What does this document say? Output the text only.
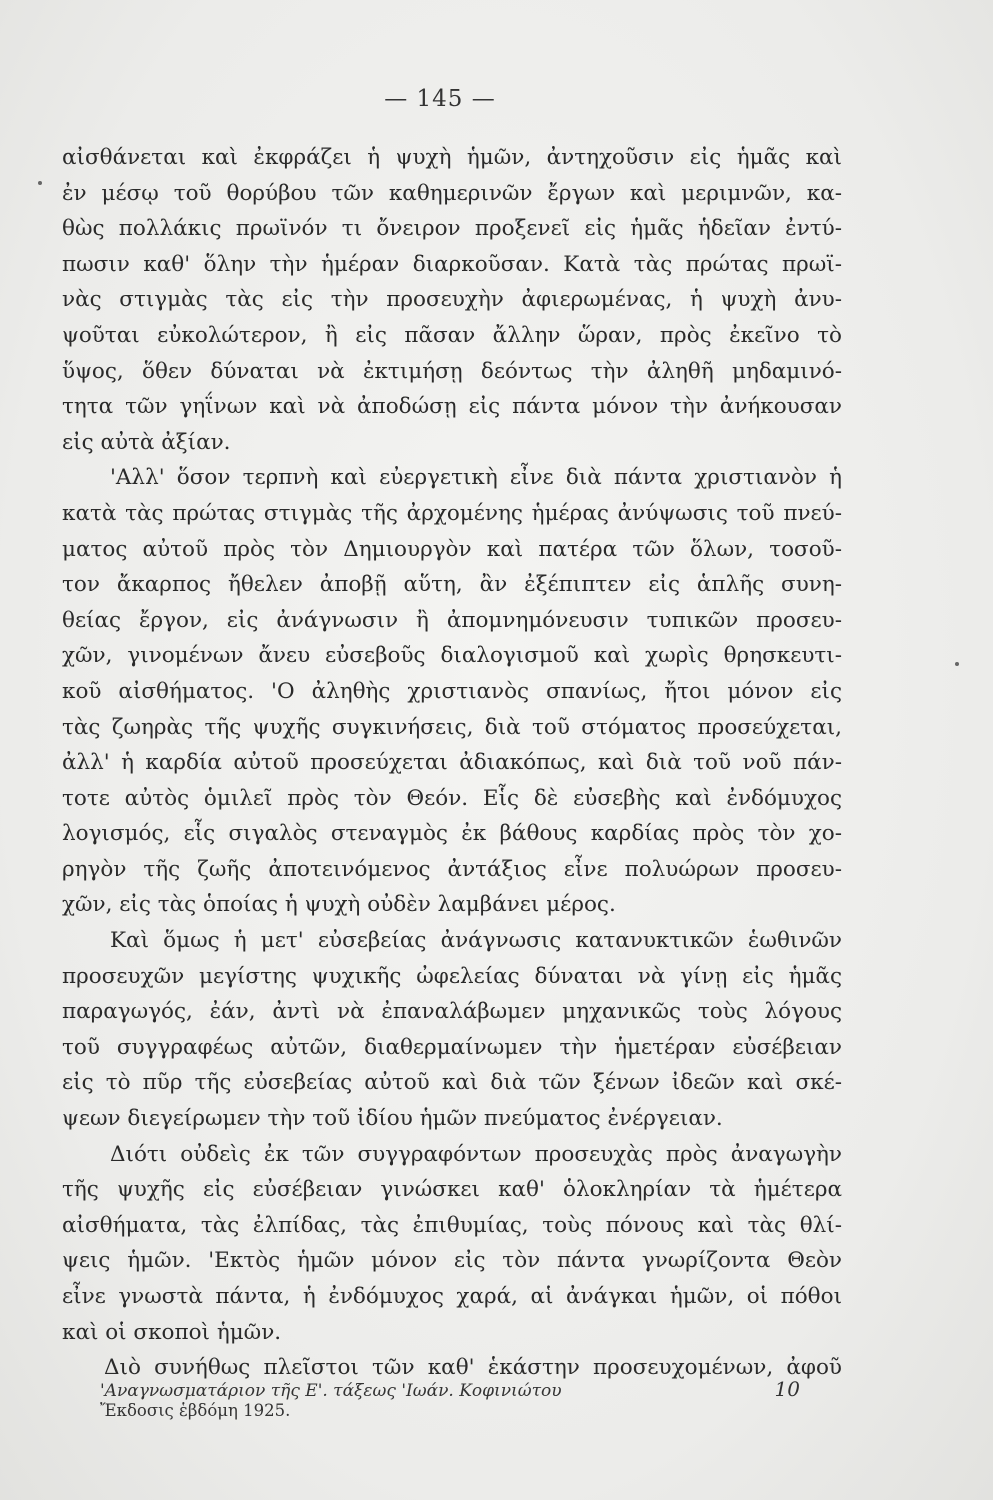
— 145 —
αἰσθάνεται καὶ ἐκφράζει ἡ ψυχὴ ἡμῶν, ἀντηχοῦσιν εἰς ἡμᾶς καὶ
ἐν μέσῳ τοῦ θορύβου τῶν καθημερινῶν ἔργων καὶ μεριμνῶν, κα-
θὼς πολλάκις πρωϊνόν τι ὄνειρον προξενεῖ εἰς ἡμᾶς ἡδεῖαν ἐντύ-
πωσιν καθ' ὅλην τὴν ἡμέραν διαρκοῦσαν. Κατὰ τὰς πρώτας πρωϊ-
νὰς στιγμὰς τὰς εἰς τὴν προσευχὴν ἀφιερωμένας, ἡ ψυχὴ ἀνυ-
ψοῦται εὐκολώτερον, ἢ εἰς πᾶσαν ἄλλην ὥραν, πρὸς ἐκεῖνο τὸ
ὕψος, ὅθεν δύναται νὰ ἐκτιμήσῃ δεόντως τὴν ἀληθῆ μηδαμινό-
τητα τῶν γηΐνων καὶ νὰ ἀποδώσῃ εἰς πάντα μόνον τὴν ἀνήκουσαν
εἰς αὐτὰ ἀξίαν.
'Αλλ' ὅσον τερπνὴ καὶ εὐεργετικὴ εἶνε διὰ πάντα χριστιανὸν ἡ
κατὰ τὰς πρώτας στιγμὰς τῆς ἀρχομένης ἡμέρας ἀνύψωσις τοῦ πνεύ-
ματος αὐτοῦ πρὸς τὸν Δημιουργὸν καὶ πατέρα τῶν ὅλων, τοσοῦ-
τον ἄκαρπος ἤθελεν ἀποβῇ αὕτη, ἂν ἐξέπιπτεν εἰς ἁπλῆς συνη-
θείας ἔργον, εἰς ἀνάγνωσιν ἢ ἀπομνημόνευσιν τυπικῶν προσευ-
χῶν, γινομένων ἄνευ εὐσεβοῦς διαλογισμοῦ καὶ χωρὶς θρησκευτι-
κοῦ αἰσθήματος. 'Ο ἀληθὴς χριστιανὸς σπανίως, ἤτοι μόνον εἰς
τὰς ζωηρὰς τῆς ψυχῆς συγκινήσεις, διὰ τοῦ στόματος προσεύχεται,
ἀλλ' ἡ καρδία αὐτοῦ προσεύχεται ἀδιακόπως, καὶ διὰ τοῦ νοῦ πάν-
τοτε αὐτὸς ὁμιλεῖ πρὸς τὸν Θεόν. Εἷς δὲ εὐσεβὴς καὶ ἐνδόμυχος
λογισμός, εἷς σιγαλὸς στεναγμὸς ἐκ βάθους καρδίας πρὸς τὸν χο-
ρηγὸν τῆς ζωῆς ἀποτεινόμενος ἀντάξιος εἶνε πολυώρων προσευ-
χῶν, εἰς τὰς ὁποίας ἡ ψυχὴ οὐδὲν λαμβάνει μέρος.
Καὶ ὅμως ἡ μετ' εὐσεβείας ἀνάγνωσις κατανυκτικῶν ἑωθινῶν
προσευχῶν μεγίστης ψυχικῆς ὠφελείας δύναται νὰ γίνῃ εἰς ἡμᾶς
παραγωγός, ἐάν, ἀντὶ νὰ ἐπαναλάβωμεν μηχανικῶς τοὺς λόγους
τοῦ συγγραφέως αὐτῶν, διαθερμαίνωμεν τὴν ἡμετέραν εὐσέβειαν
εἰς τὸ πῦρ τῆς εὐσεβείας αὐτοῦ καὶ διὰ τῶν ξένων ἰδεῶν καὶ σκέ-
ψεων διεγείρωμεν τὴν τοῦ ἰδίου ἡμῶν πνεύματος ἐνέργειαν.
Διότι οὐδεὶς ἐκ τῶν συγγραφόντων προσευχὰς πρὸς ἀναγωγὴν
τῆς ψυχῆς εἰς εὐσέβειαν γινώσκει καθ' ὁλοκληρίαν τὰ ἡμέτερα
αἰσθήματα, τὰς ἐλπίδας, τὰς ἐπιθυμίας, τοὺς πόνους καὶ τὰς θλί-
ψεις ἡμῶν. 'Εκτὸς ἡμῶν μόνον εἰς τὸν πάντα γνωρίζοντα Θεὸν
εἶνε γνωστὰ πάντα, ἡ ἐνδόμυχος χαρά, αἱ ἀνάγκαι ἡμῶν, οἱ πόθοι
καὶ οἱ σκοποὶ ἡμῶν.
Διὸ συνήθως πλεῖστοι τῶν καθ' ἑκάστην προσευχομένων, ἀφοῦ
'Αναγνωσματάριον τῆς Ε'. τάξεως 'Ιωάν. Κοφινιώτου	10
Ἔκδοσις ἑβδόμη 1925.
